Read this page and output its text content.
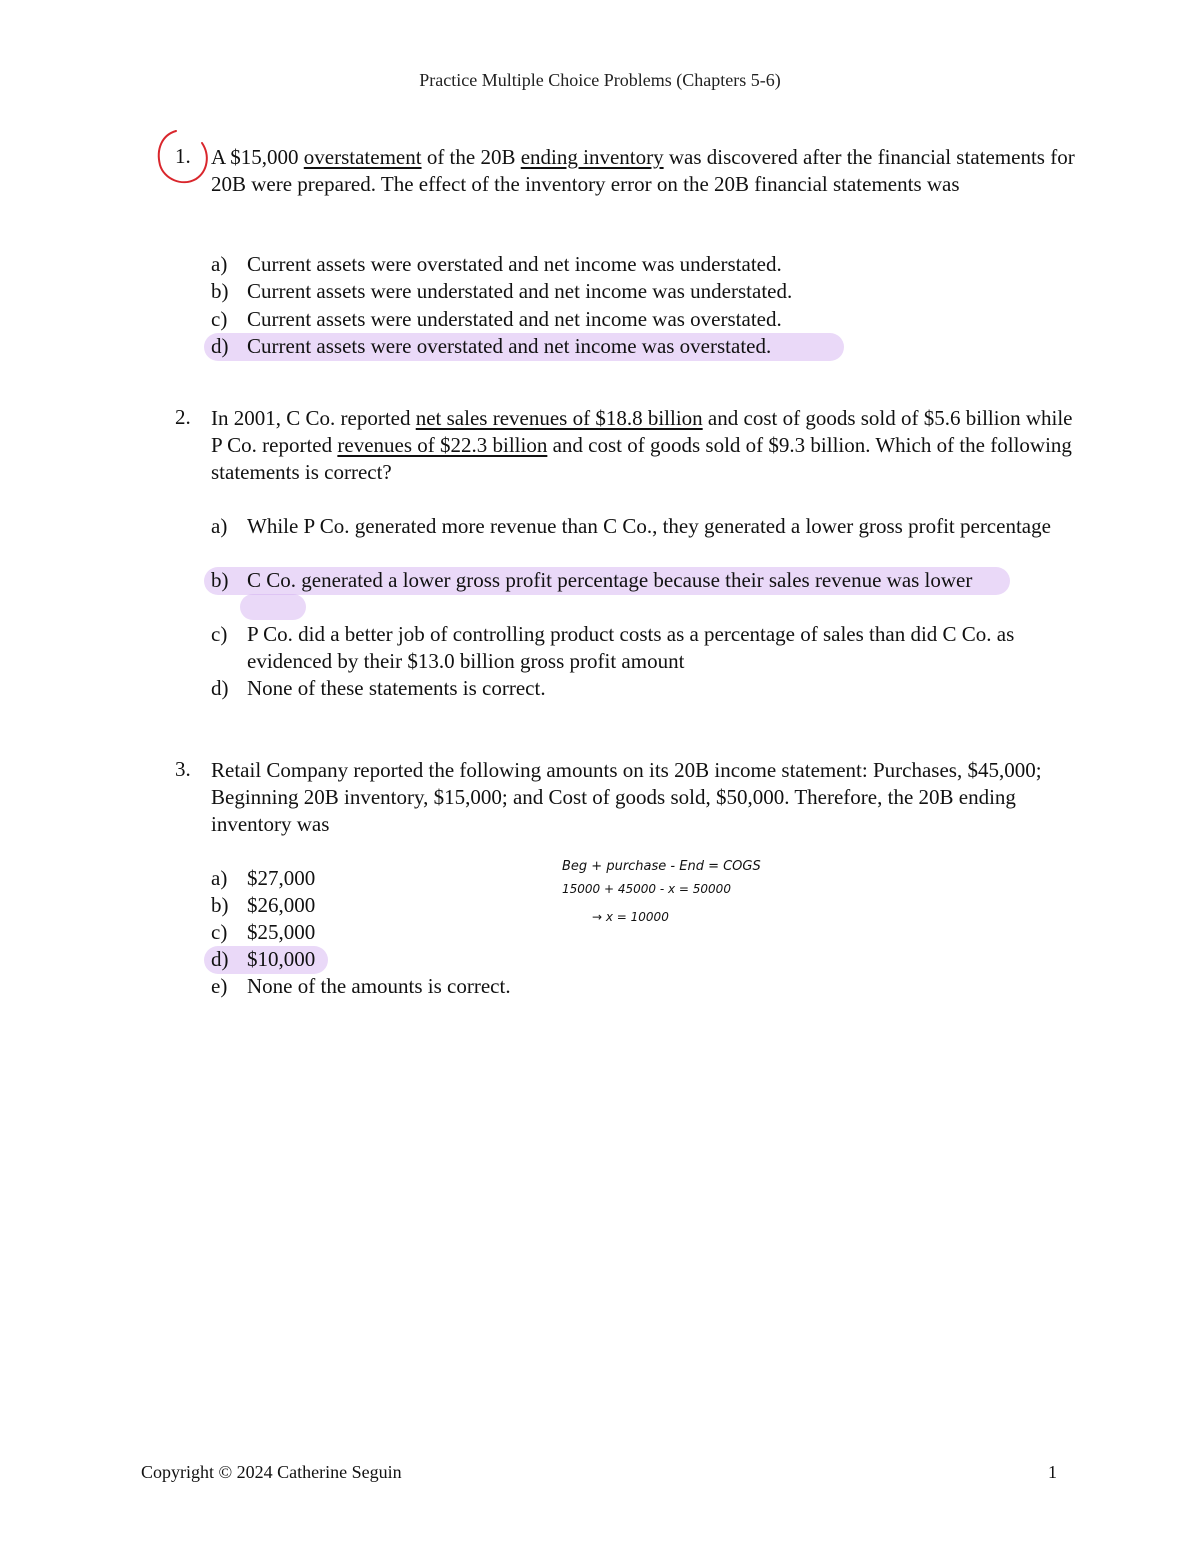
Practice Multiple Choice Problems (Chapters 5-6)
1. A $15,000 overstatement of the 20B ending inventory was discovered after the financial statements for 20B were prepared. The effect of the inventory error on the 20B financial statements was
a) Current assets were overstated and net income was understated.
b) Current assets were understated and net income was understated.
c) Current assets were understated and net income was overstated.
d) Current assets were overstated and net income was overstated.
2. In 2001, C Co. reported net sales revenues of $18.8 billion and cost of goods sold of $5.6 billion while P Co. reported revenues of $22.3 billion and cost of goods sold of $9.3 billion. Which of the following statements is correct?
a) While P Co. generated more revenue than C Co., they generated a lower gross profit percentage
b) C Co. generated a lower gross profit percentage because their sales revenue was lower
c) P Co. did a better job of controlling product costs as a percentage of sales than did C Co. as evidenced by their $13.0 billion gross profit amount
d) None of these statements is correct.
3. Retail Company reported the following amounts on its 20B income statement: Purchases, $45,000; Beginning 20B inventory, $15,000; and Cost of goods sold, $50,000. Therefore, the 20B ending inventory was
a) $27,000
b) $26,000
c) $25,000
d) $10,000
e) None of the amounts is correct.
Beg + purchase - End = COGS
15000 + 45000 - x = 50000
→ x = 10000
Copyright © 2024 Catherine Seguin	1
